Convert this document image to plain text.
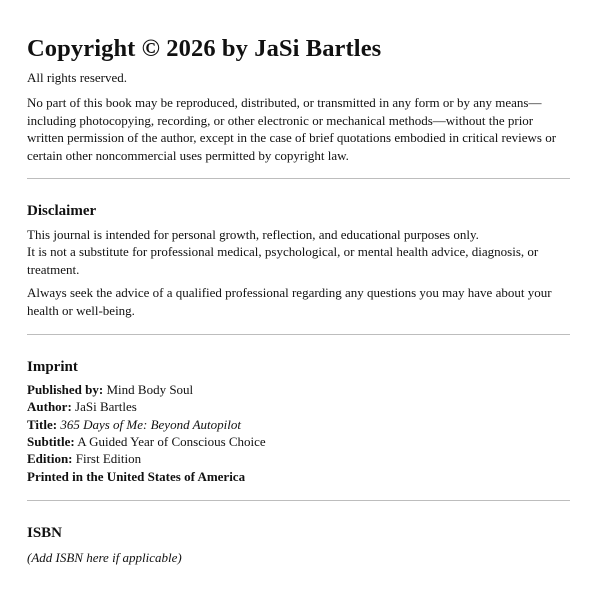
Copyright © 2026 by JaSi Bartles

All rights reserved.

No part of this book may be reproduced, distributed, or transmitted in any form or by any means—including photocopying, recording, or other electronic or mechanical methods—without the prior written permission of the author, except in the case of brief quotations embodied in critical reviews or certain other noncommercial uses permitted by copyright law.

Disclaimer

This journal is intended for personal growth, reflection, and educational purposes only.
It is not a substitute for professional medical, psychological, or mental health advice, diagnosis, or treatment.

Always seek the advice of a qualified professional regarding any questions you may have about your health or well-being.

Imprint
Published by: Mind Body Soul
Author: JaSi Bartles
Title: 365 Days of Me: Beyond Autopilot
Subtitle: A Guided Year of Conscious Choice
Edition: First Edition
Printed in the United States of America
ISBN

(Add ISBN here if applicable)
